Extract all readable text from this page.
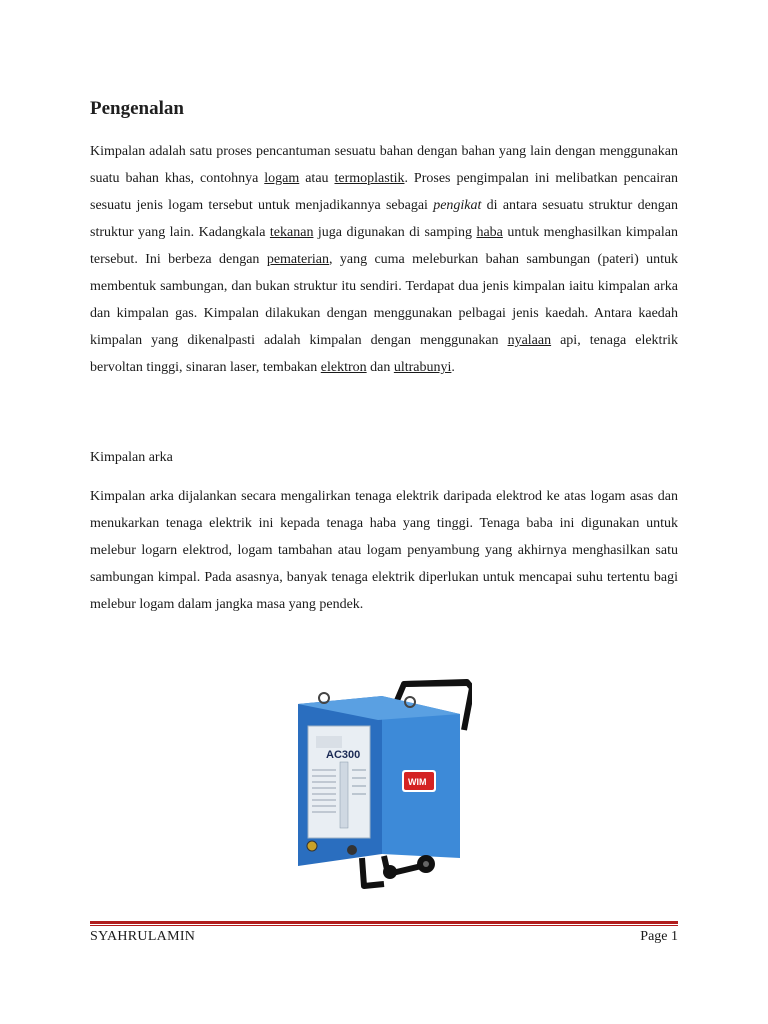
Pengenalan

Kimpalan adalah satu proses pencantuman sesuatu bahan dengan bahan yang lain dengan menggunakan suatu bahan khas, contohnya logam atau termoplastik. Proses pengimpalan ini melibatkan pencairan sesuatu jenis logam tersebut untuk menjadikannya sebagai pengikat di antara sesuatu struktur dengan struktur yang lain. Kadangkala tekanan juga digunakan di samping haba untuk menghasilkan kimpalan tersebut. Ini berbeza dengan pematerian, yang cuma meleburkan bahan sambungan (pateri) untuk membentuk sambungan, dan bukan struktur itu sendiri. Terdapat dua jenis kimpalan iaitu kimpalan arka dan kimpalan gas. Kimpalan dilakukan dengan menggunakan pelbagai jenis kaedah. Antara kaedah kimpalan yang dikenalpasti adalah kimpalan dengan menggunakan nyalaan api, tenaga elektrik bervoltan tinggi, sinaran laser, tembakan elektron dan ultrabunyi.

Kimpalan arka

Kimpalan arka dijalankan secara mengalirkan tenaga elektrik daripada elektrod ke atas logam asas dan menukarkan tenaga elektrik ini kepada tenaga haba yang tinggi. Tenaga baba ini digunakan untuk melebur logarn elektrod, logam tambahan atau logam penyambung yang akhirnya menghasilkan satu sambungan kimpal. Pada asasnya, banyak tenaga elektrik diperlukan untuk mencapai suhu tertentu bagi melebur logam dalam jangka masa yang pendek.

AC300
WIM
SYAHRULAMIN	Page 1
